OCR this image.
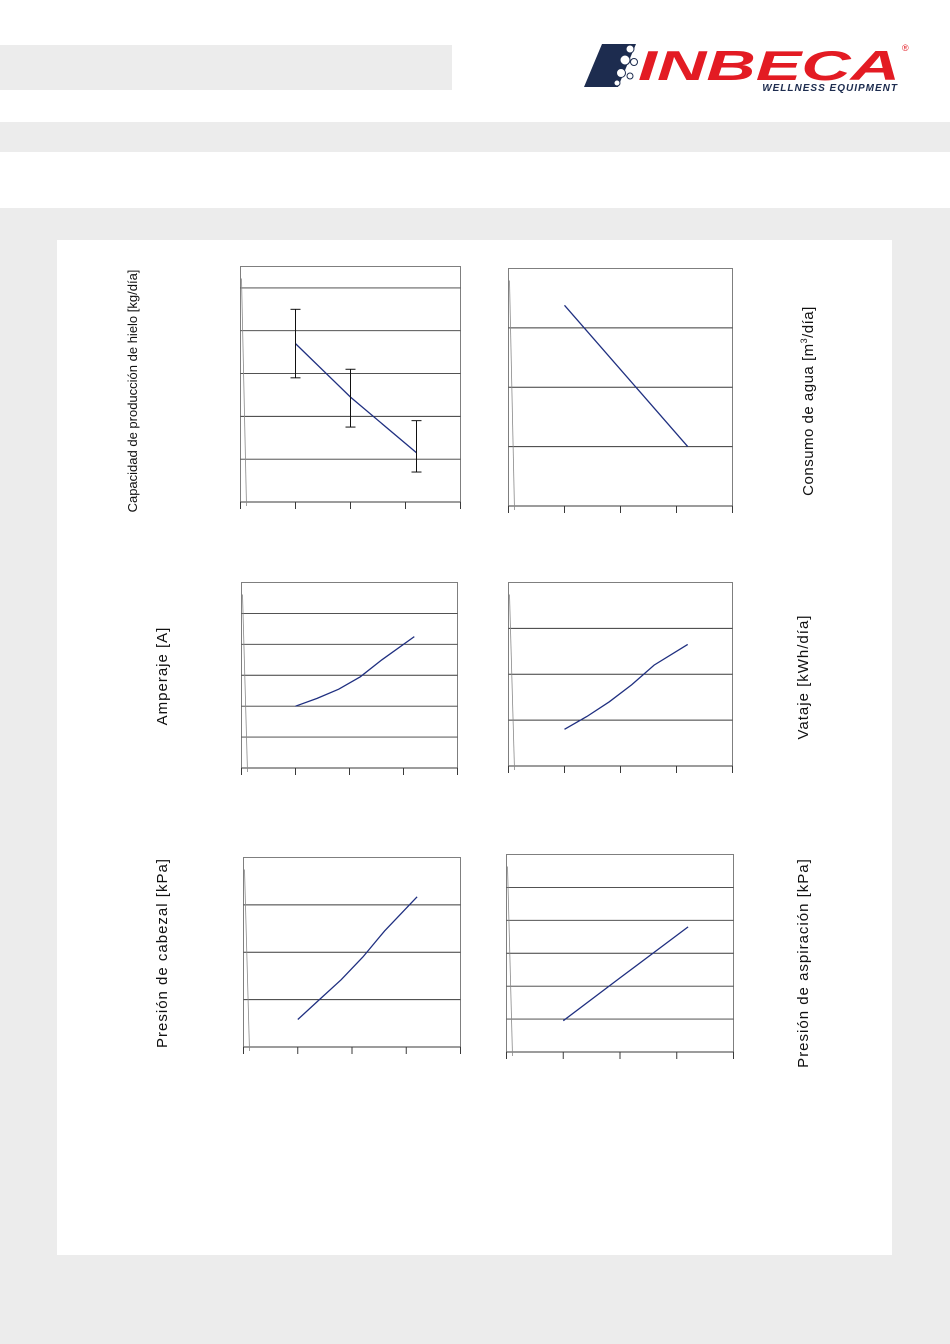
INBECA ®
WELLNESS EQUIPMENT
Capacidad de producción de hielo [kg/día]	Consumo de agua $[m^3/día]$
Amperaje [A]	Vataje [kWh/día]
Presión de cabezal [kPa]	Presión de aspiración [kPa]
